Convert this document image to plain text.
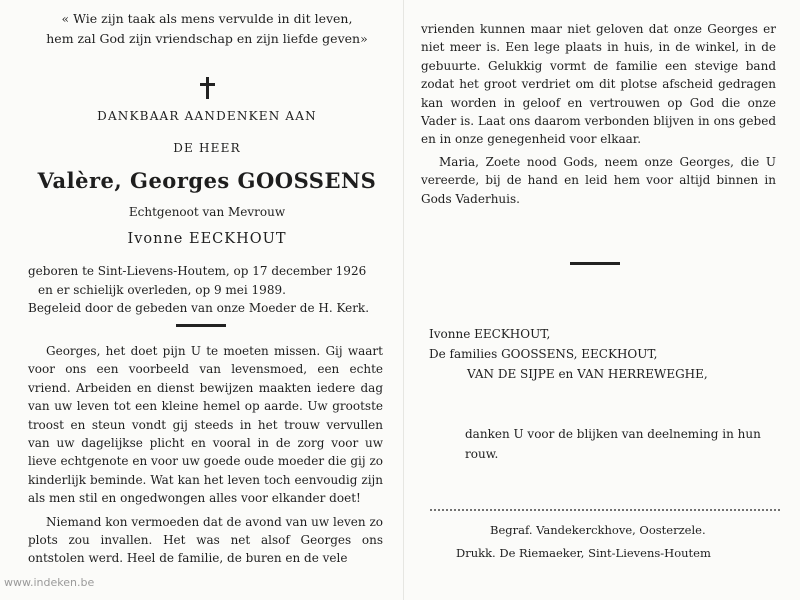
« Wie zijn taak als mens vervulde in dit leven,
hem zal God zijn vriendschap en zijn liefde geven»
DANKBAAR AANDENKEN AAN
DE HEER
Valère, Georges GOOSSENS
Echtgenoot van Mevrouw
Ivonne EECKHOUT
geboren te Sint-Lievens-Houtem, op 17 december 1926
en er schielijk overleden, op 9 mei 1989.
Begeleid door de gebeden van onze Moeder de H. Kerk.

Georges, het doet pijn U te moeten missen. Gij waart voor ons een voorbeeld van levensmoed, een echte vriend. Arbeiden en dienst bewijzen maakten iedere dag van uw leven tot een kleine hemel op aarde. Uw grootste troost en steun vondt gij steeds in het trouw vervullen van uw dagelijkse plicht en vooral in de zorg voor uw lieve echtgenote en voor uw goede oude moeder die gij zo kinderlijk beminde. Wat kan het leven toch eenvoudig zijn als men stil en ongedwongen alles voor elkander doet!

Niemand kon vermoeden dat de avond van uw leven zo plots zou invallen. Het was net alsof Georges ons ontstolen werd. Heel de familie, de buren en de vele

vrienden kunnen maar niet geloven dat onze Georges er niet meer is. Een lege plaats in huis, in de winkel, in de gebuurte. Gelukkig vormt de familie een stevige band zodat het groot verdriet om dit plotse afscheid gedragen kan worden in geloof en vertrouwen op God die onze Vader is. Laat ons daarom verbonden blijven in ons gebed en in onze genegenheid voor elkaar.

Maria, Zoete nood Gods, neem onze Georges, die U vereerde, bij de hand en leid hem voor altijd binnen in Gods Vaderhuis.

Ivonne EECKHOUT,
De families GOOSSENS, EECKHOUT,
VAN DE SIJPE en VAN HERREWEGHE,
danken U voor de blijken van deelneming in hun rouw.
Begraf. Vandekerckhove, Oosterzele.
Drukk. De Riemaeker, Sint-Lievens-Houtem
www.indeken.be
